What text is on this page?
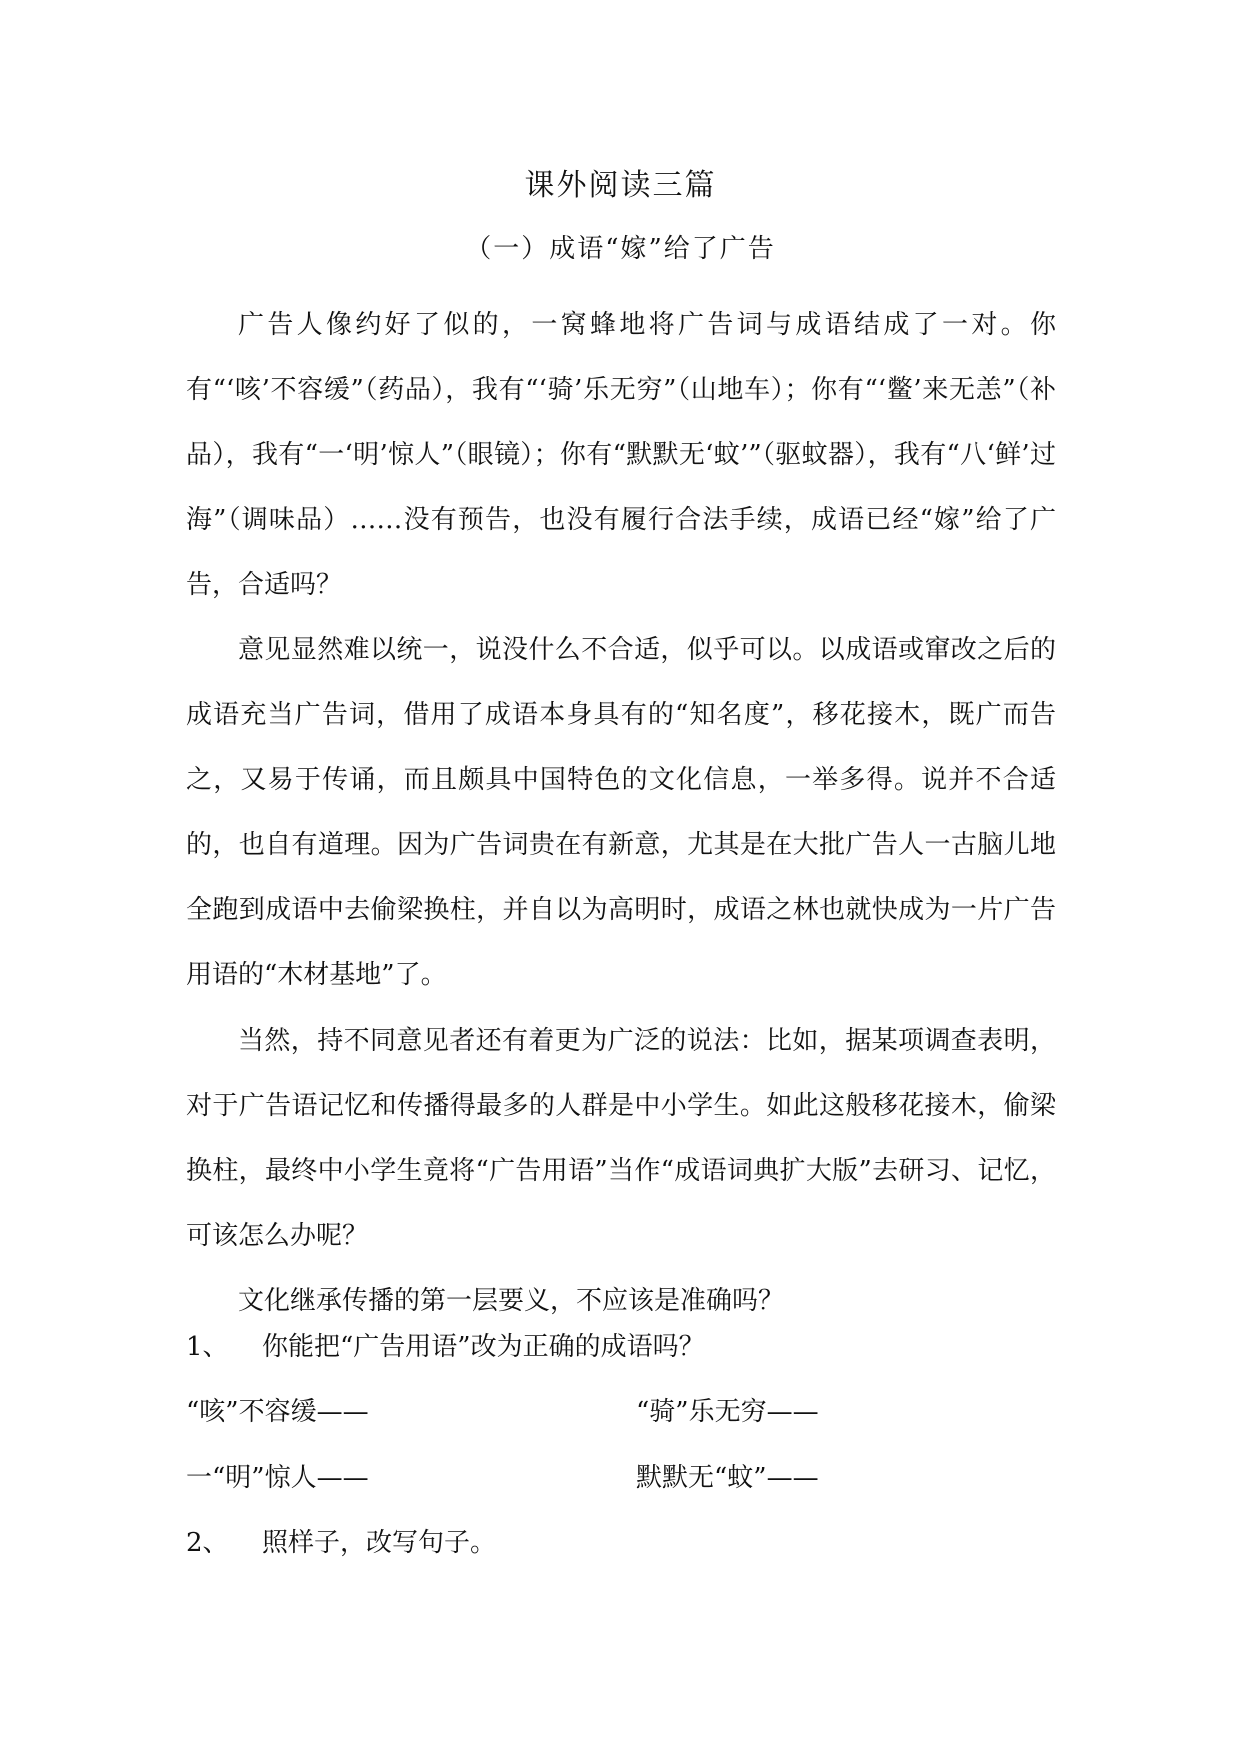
课外阅读三篇
（一）成语“嫁”给了广告

广告人像约好了似的，一窝蜂地将广告词与成语结成了一对。你有“‘咳’不容缓”（药品），我有“‘骑’乐无穷”（山地车）；你有“‘鳖’来无恙”（补品），我有“一‘明’惊人”（眼镜）；你有“默默无‘蚊’”（驱蚊器），我有“八‘鲜’过海”（调味品）……没有预告，也没有履行合法手续，成语已经“嫁”给了广告，合适吗？

意见显然难以统一，说没什么不合适，似乎可以。以成语或窜改之后的成语充当广告词，借用了成语本身具有的“知名度”，移花接木，既广而告之，又易于传诵，而且颇具中国特色的文化信息，一举多得。说并不合适的，也自有道理。因为广告词贵在有新意，尤其是在大批广告人一古脑儿地全跑到成语中去偷梁换柱，并自以为高明时，成语之林也就快成为一片广告用语的“木材基地”了。

当然，持不同意见者还有着更为广泛的说法：比如，据某项调查表明，对于广告语记忆和传播得最多的人群是中小学生。如此这般移花接木，偷梁换柱，最终中小学生竟将“广告用语”当作“成语词典扩大版”去研习、记忆，可该怎么办呢？

文化继承传播的第一层要义，不应该是准确吗？

1、 你能把“广告用语”改为正确的成语吗？
“咳”不容缓——	“骑”乐无穷——
一“明”惊人——	默默无“蚊”——
2、 照样子，改写句子。
